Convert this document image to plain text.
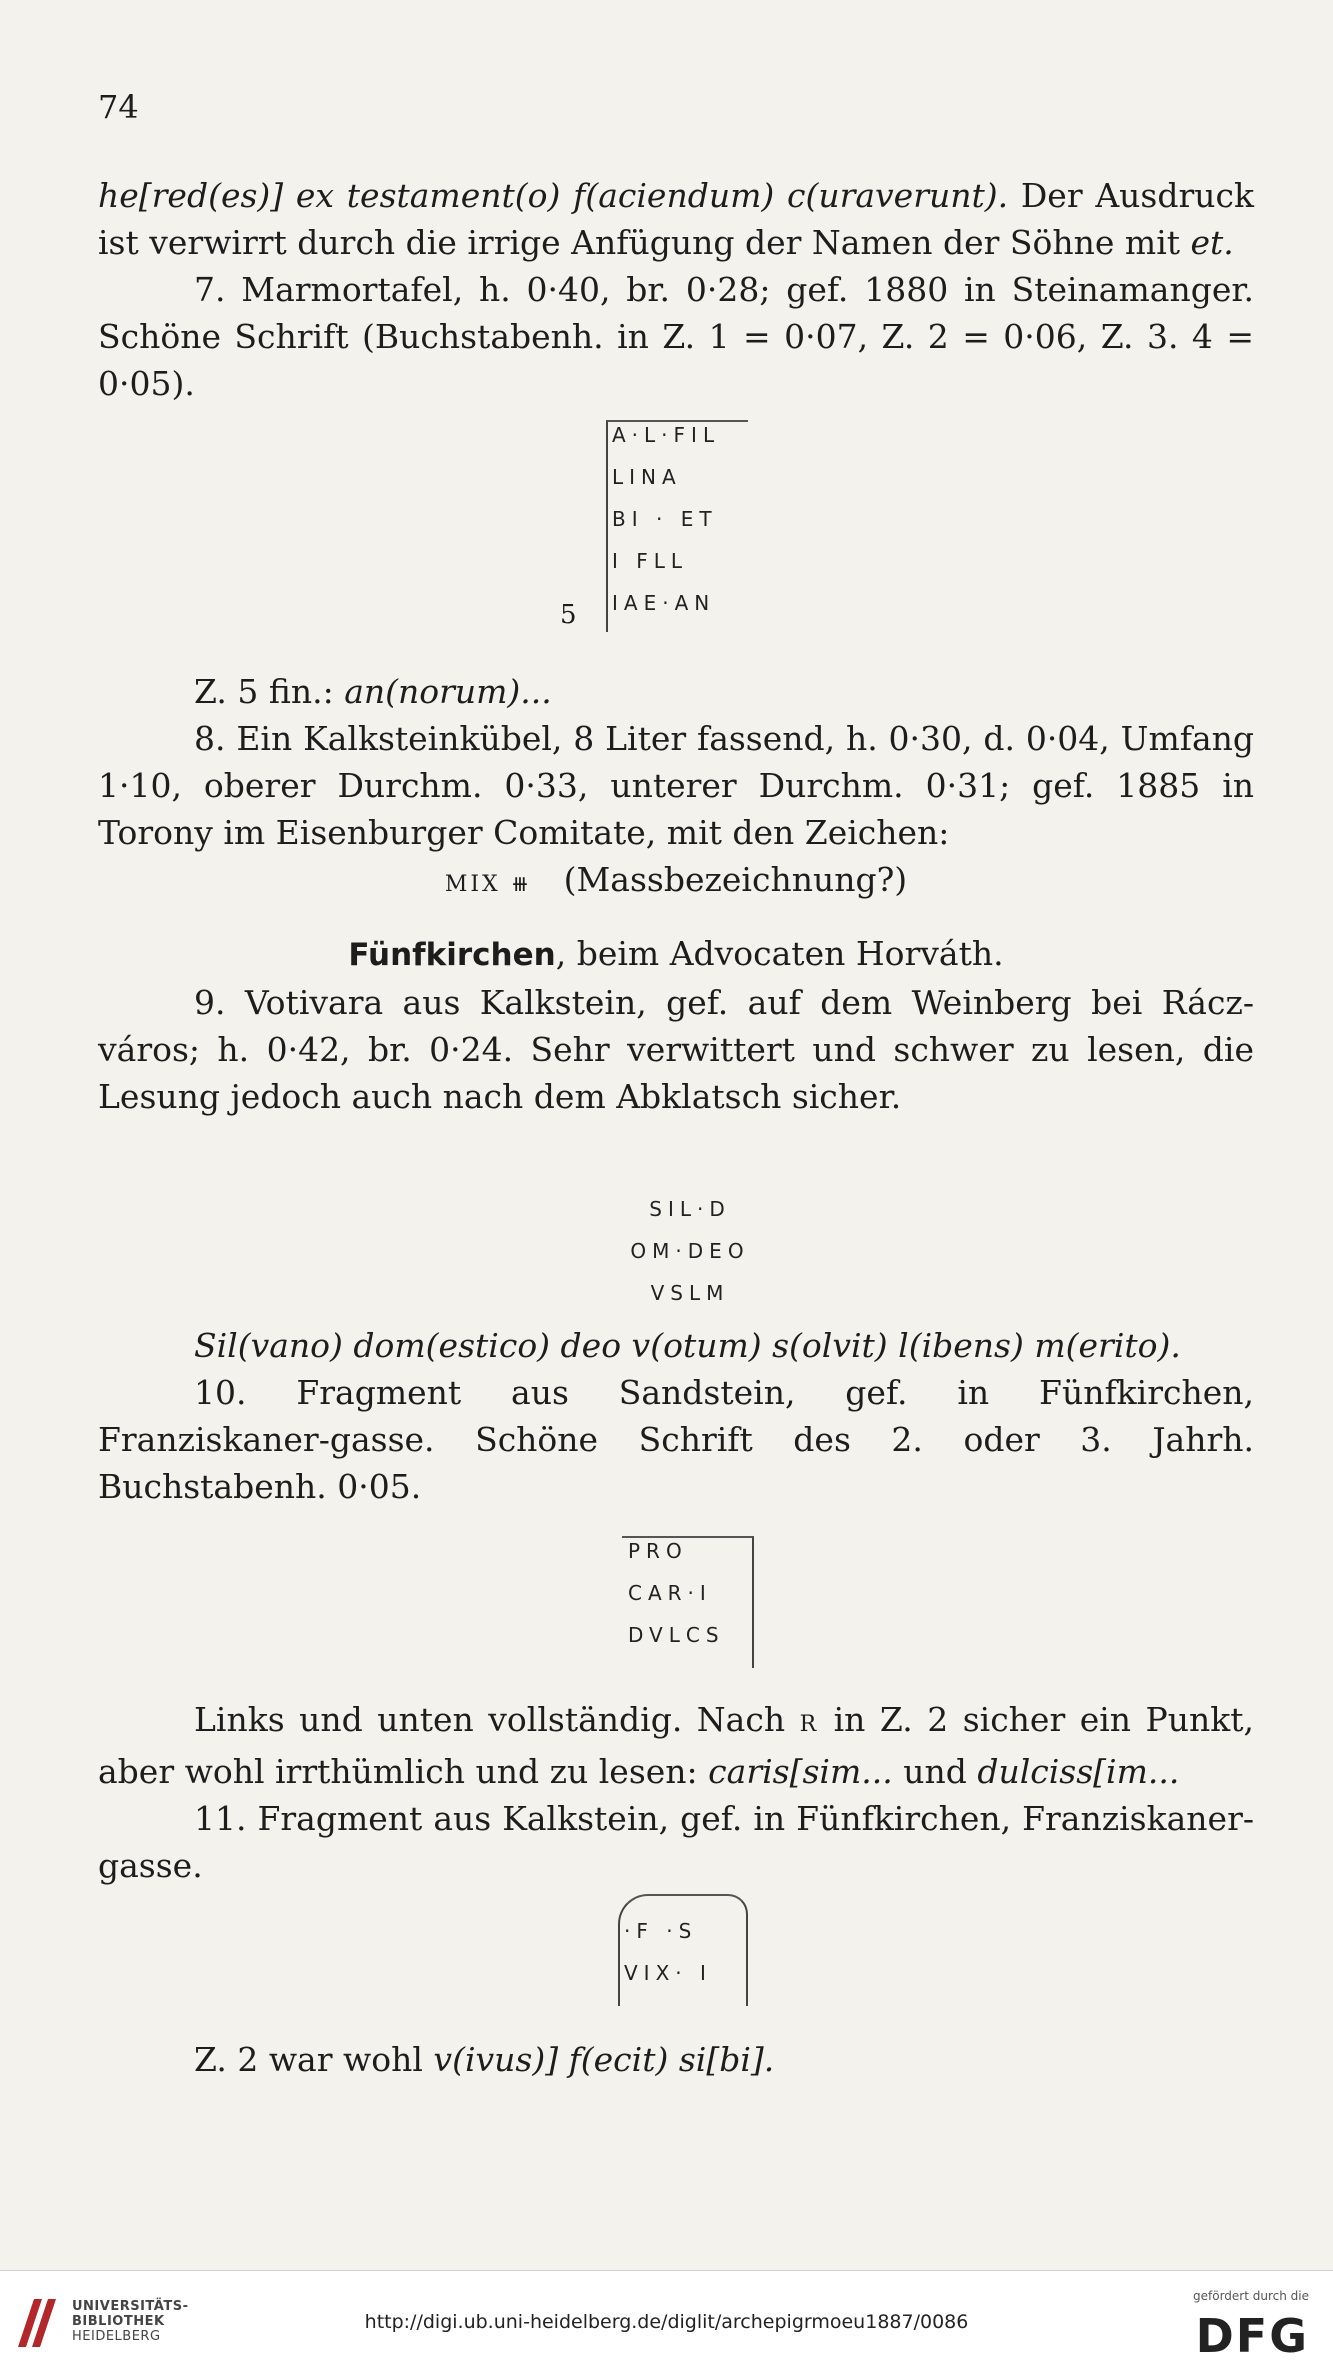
74

he[red(es)] ex testament(o) f(aciendum) c(uraverunt). Der Ausdruck ist verwirrt durch die irrige Anfügung der Namen der Söhne mit et.

7. Marmortafel, h. 0·40, br. 0·28; gef. 1880 in Steinamanger. Schöne Schrift (Buchstabenh. in Z. 1 = 0·07, Z. 2 = 0·06, Z. 3. 4 = 0·05).

A·L·FIL
LINA
BI · ET
I FLL
IAE·AN
5

Z. 5 fin.: an(norum)...

8. Ein Kalksteinkübel, 8 Liter fassend, h. 0·30, d. 0·04, Umfang 1·10, oberer Durchm. 0·33, unterer Durchm. 0·31; gef. 1885 in Torony im Eisenburger Comitate, mit den Zeichen:

MIX ⧻ (Massbezeichnung?)

Fünfkirchen, beim Advocaten Horváth.

9. Votivara aus Kalkstein, gef. auf dem Weinberg bei Rácz-város; h. 0·42, br. 0·24. Sehr verwittert und schwer zu lesen, die Lesung jedoch auch nach dem Abklatsch sicher.

SIL·D
OM·DEO
VSLM

Sil(vano) dom(estico) deo v(otum) s(olvit) l(ibens) m(erito).

10. Fragment aus Sandstein, gef. in Fünfkirchen, Franziskaner-gasse. Schöne Schrift des 2. oder 3. Jahrh. Buchstabenh. 0·05.

PRO
CAR·I
DVLCS

Links und unten vollständig. Nach R in Z. 2 sicher ein Punkt, aber wohl irrthümlich und zu lesen: caris[sim... und dulciss[im...

11. Fragment aus Kalkstein, gef. in Fünfkirchen, Franziskaner-gasse.

·F ·S
VIX· I

Z. 2 war wohl v(ivus)] f(ecit) si[bi].

UNIVERSITÄTS-
BIBLIOTHEK
HEIDELBERG
http://digi.ub.uni-heidelberg.de/diglit/archepigrmoeu1887/0086
gefördert durch die
DFG
